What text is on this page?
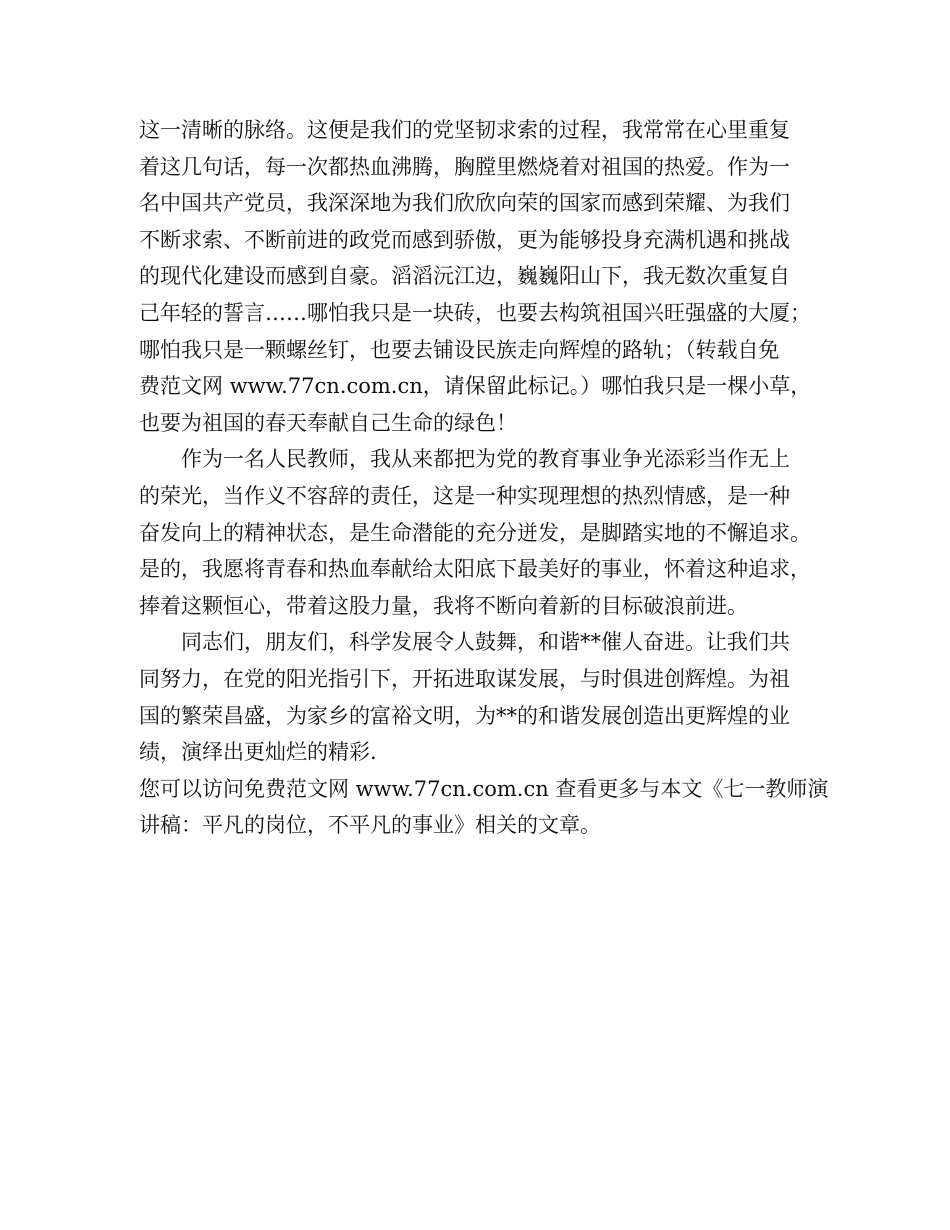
这一清晰的脉络。这便是我们的党坚韧求索的过程，我常常在心里重复
着这几句话，每一次都热血沸腾，胸膛里燃烧着对祖国的热爱。作为一
名中国共产党员，我深深地为我们欣欣向荣的国家而感到荣耀、为我们
不断求索、不断前进的政党而感到骄傲，更为能够投身充满机遇和挑战
的现代化建设而感到自豪。滔滔沅江边，巍巍阳山下，我无数次重复自
己年轻的誓言……哪怕我只是一块砖，也要去构筑祖国兴旺强盛的大厦；
哪怕我只是一颗螺丝钉，也要去铺设民族走向辉煌的路轨；（转载自免
费范文网 www.77cn.com.cn，请保留此标记。）哪怕我只是一棵小草，
也要为祖国的春天奉献自己生命的绿色！
　　作为一名人民教师，我从来都把为党的教育事业争光添彩当作无上
的荣光，当作义不容辞的责任，这是一种实现理想的热烈情感，是一种
奋发向上的精神状态，是生命潜能的充分迸发，是脚踏实地的不懈追求。
是的，我愿将青春和热血奉献给太阳底下最美好的事业，怀着这种追求，
捧着这颗恒心，带着这股力量，我将不断向着新的目标破浪前进。
　　同志们，朋友们，科学发展令人鼓舞，和谐**催人奋进。让我们共
同努力，在党的阳光指引下，开拓进取谋发展，与时俱进创辉煌。为祖
国的繁荣昌盛，为家乡的富裕文明，为**的和谐发展创造出更辉煌的业
绩，演绎出更灿烂的精彩.
您可以访问免费范文网 www.77cn.com.cn 查看更多与本文《七一教师演
讲稿：平凡的岗位，不平凡的事业》相关的文章。
